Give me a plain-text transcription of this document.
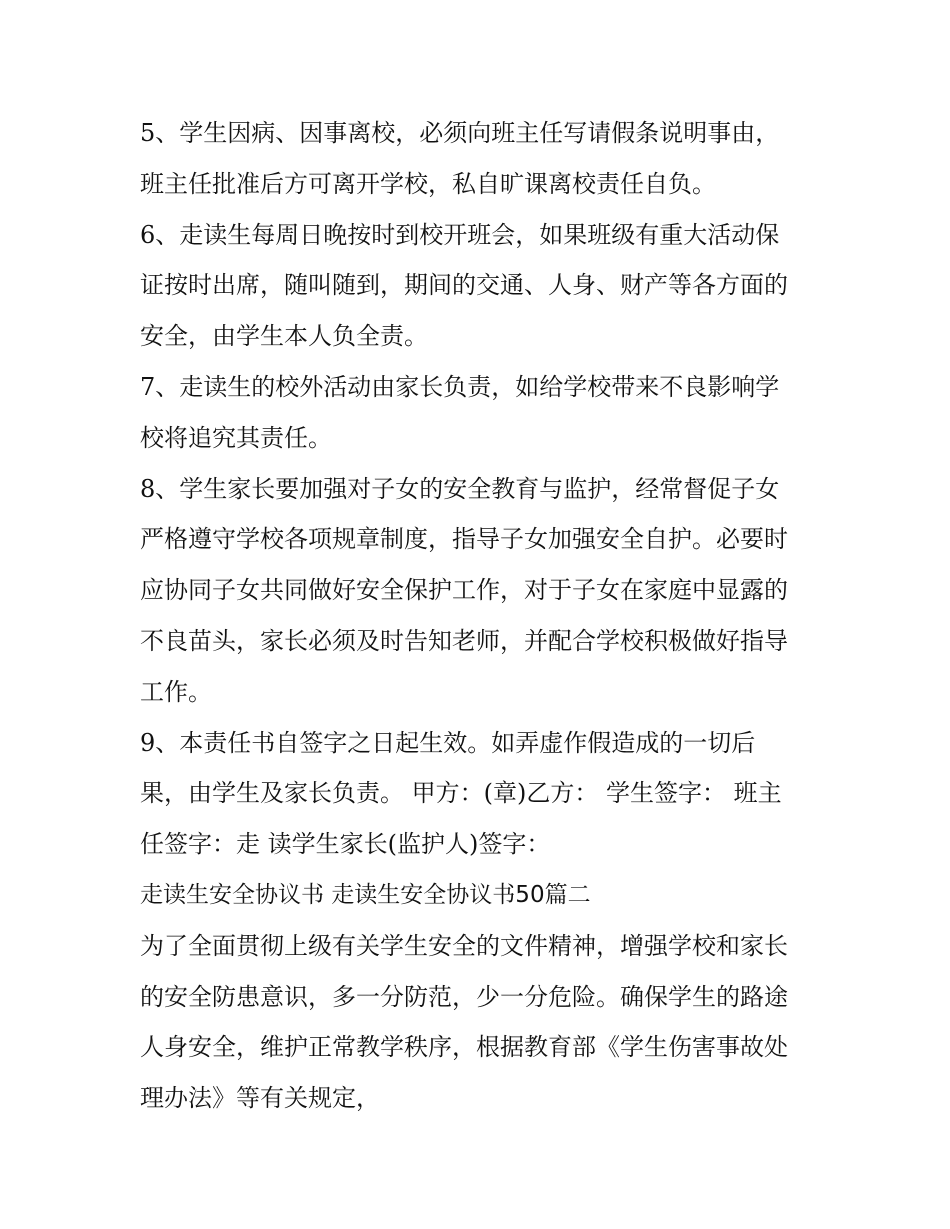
5、学生因病、因事离校，必须向班主任写请假条说明事由，
班主任批准后方可离开学校，私自旷课离校责任自负。
6、走读生每周日晚按时到校开班会，如果班级有重大活动保
证按时出席，随叫随到，期间的交通、人身、财产等各方面的
安全，由学生本人负全责。
7、走读生的校外活动由家长负责，如给学校带来不良影响学
校将追究其责任。
8、学生家长要加强对子女的安全教育与监护，经常督促子女
严格遵守学校各项规章制度，指导子女加强安全自护。必要时
应协同子女共同做好安全保护工作，对于子女在家庭中显露的
不良苗头，家长必须及时告知老师，并配合学校积极做好指导
工作。
9、本责任书自签字之日起生效。如弄虚作假造成的一切后
果，由学生及家长负责。 甲方：(章)乙方： 学生签字： 班主
任签字：走 读学生家长(监护人)签字：
走读生安全协议书 走读生安全协议书50篇二
为了全面贯彻上级有关学生安全的文件精神，增强学校和家长
的安全防患意识，多一分防范，少一分危险。确保学生的路途
人身安全，维护正常教学秩序，根据教育部《学生伤害事故处
理办法》等有关规定，
